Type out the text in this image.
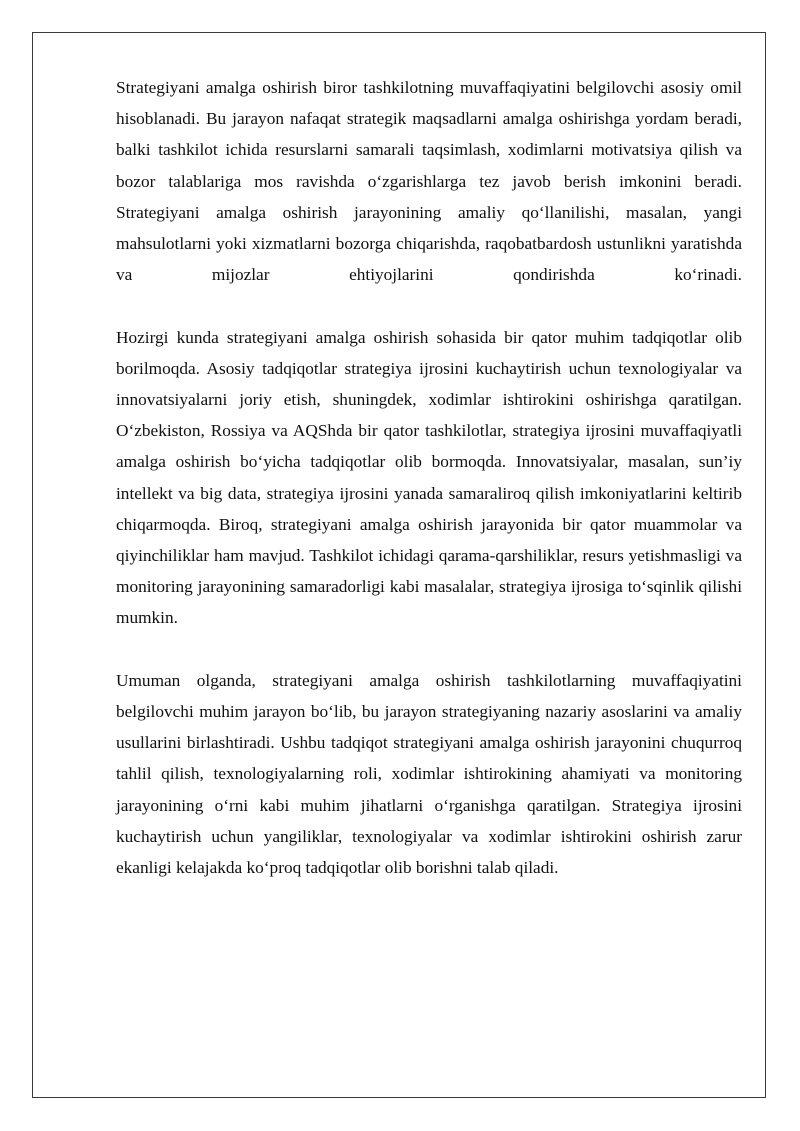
Strategiyani amalga oshirish biror tashkilotning muvaffaqiyatini belgilovchi asosiy omil hisoblanadi. Bu jarayon nafaqat strategik maqsadlarni amalga oshirishga yordam beradi, balki tashkilot ichida resurslarni samarali taqsimlash, xodimlarni motivatsiya qilish va bozor talablariga mos ravishda o‘zgarishlarga tez javob berish imkonini beradi. Strategiyani amalga oshirish jarayonining amaliy qo‘llanilishi, masalan, yangi mahsulotlarni yoki xizmatlarni bozorga chiqarishda, raqobatbardosh ustunlikni yaratishda va mijozlar ehtiyojlarini qondirishda ko‘rinadi.

Hozirgi kunda strategiyani amalga oshirish sohasida bir qator muhim tadqiqotlar olib borilmoqda. Asosiy tadqiqotlar strategiya ijrosini kuchaytirish uchun texnologiyalar va innovatsiyalarni joriy etish, shuningdek, xodimlar ishtirokini oshirishga qaratilgan. O‘zbekiston, Rossiya va AQShda bir qator tashkilotlar, strategiya ijrosini muvaffaqiyatli amalga oshirish bo‘yicha tadqiqotlar olib bormoqda. Innovatsiyalar, masalan, sun’iy intellekt va big data, strategiya ijrosini yanada samaraliroq qilish imkoniyatlarini keltirib chiqarmoqda. Biroq, strategiyani amalga oshirish jarayonida bir qator muammolar va qiyinchiliklar ham mavjud. Tashkilot ichidagi qarama-qarshiliklar, resurs yetishmasligi va monitoring jarayonining samaradorligi kabi masalalar, strategiya ijrosiga to‘sqinlik qilishi mumkin.

Umuman olganda, strategiyani amalga oshirish tashkilotlarning muvaffaqiyatini belgilovchi muhim jarayon bo‘lib, bu jarayon strategiyaning nazariy asoslarini va amaliy usullarini birlashtiradi. Ushbu tadqiqot strategiyani amalga oshirish jarayonini chuqurroq tahlil qilish, texnologiyalarning roli, xodimlar ishtirokining ahamiyati va monitoring jarayonining o‘rni kabi muhim jihatlarni o‘rganishga qaratilgan. Strategiya ijrosini kuchaytirish uchun yangiliklar, texnologiyalar va xodimlar ishtirokini oshirish zarur ekanligi kelajakda ko‘proq tadqiqotlar olib borishni talab qiladi.
